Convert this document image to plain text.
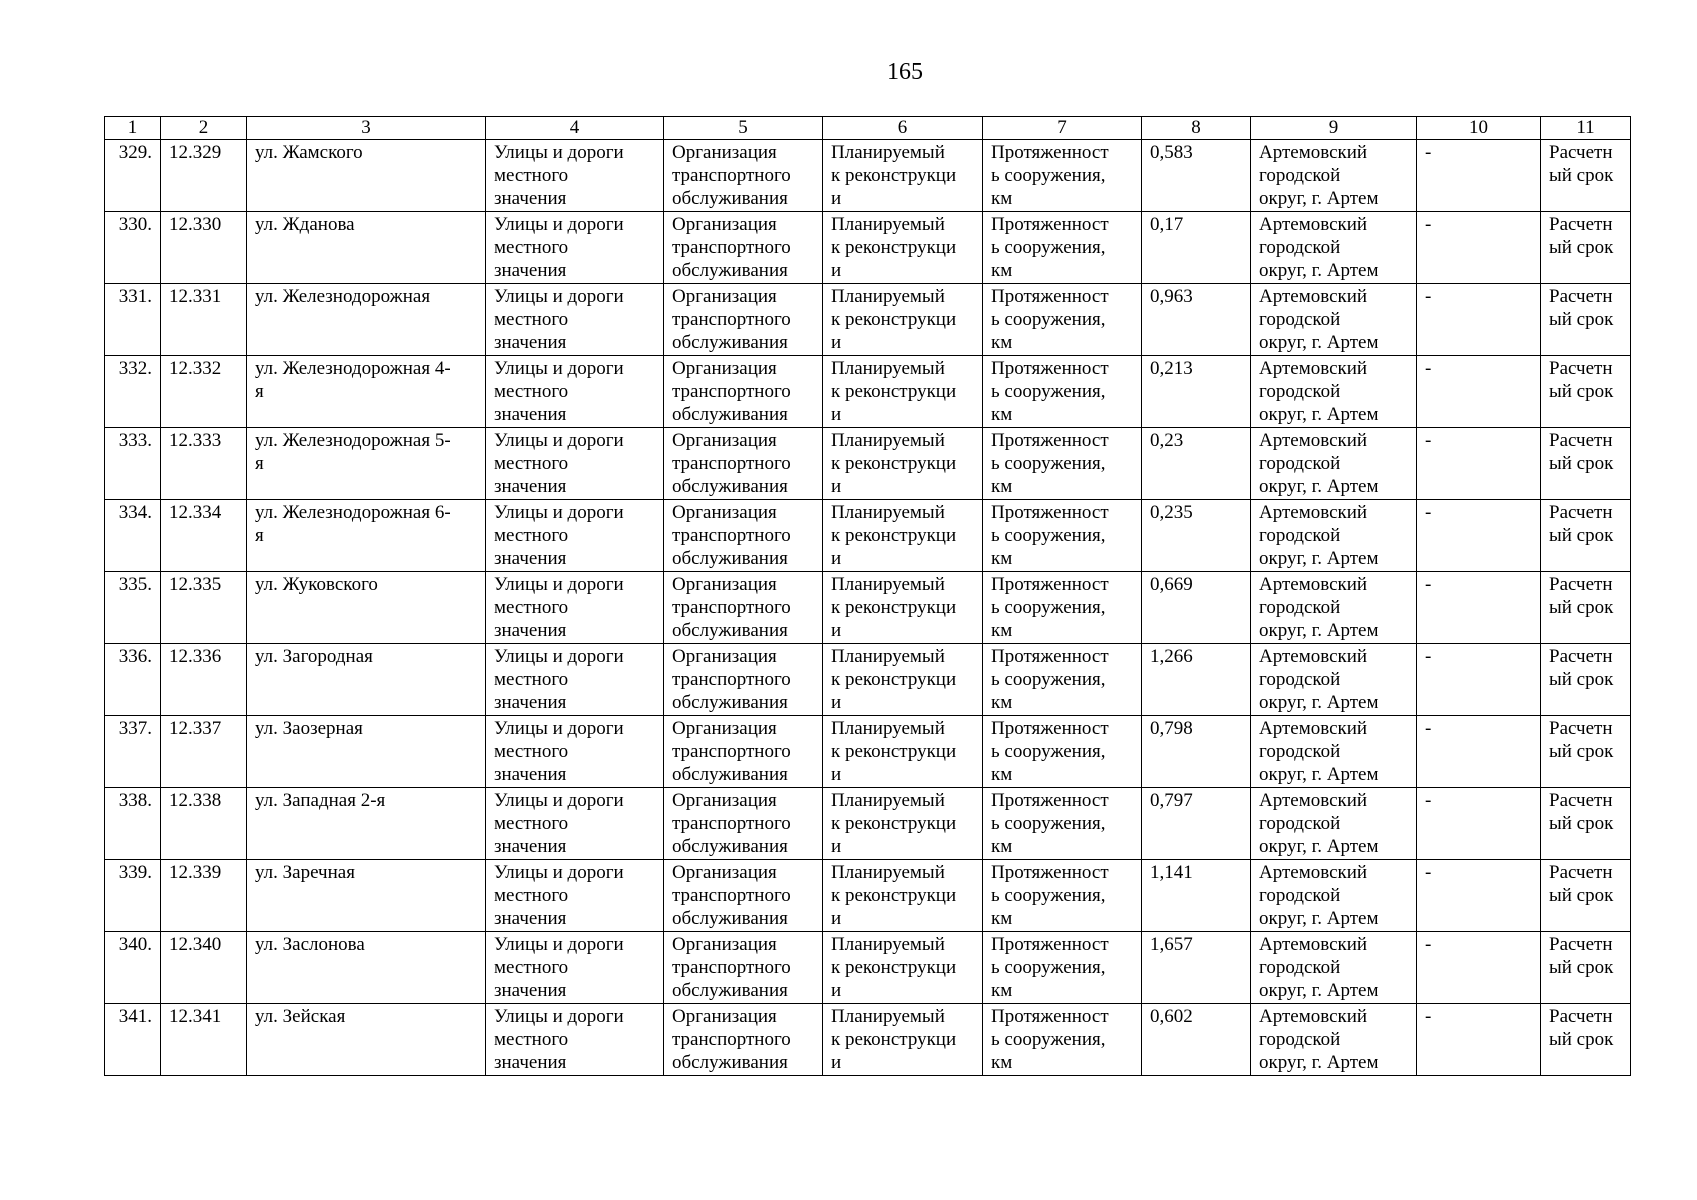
165
1	2	3	4	5	6	7	8	9	10	11
329.	12.329	ул. Жамского	Улицы и дороги
местного
значения	Организация
транспортного
обслуживания	Планируемый
к реконструкци
и	Протяженност
ь сооружения,
км	0,583	Артемовский
городской
округ, г. Артем	-	Расчетн
ый срок

330.	12.330	ул. Жданова	Улицы и дороги
местного
значения	Организация
транспортного
обслуживания	Планируемый
к реконструкци
и	Протяженност
ь сооружения,
км	0,17	Артемовский
городской
округ, г. Артем	-	Расчетн
ый срок

331.	12.331	ул. Железнодорожная	Улицы и дороги
местного
значения	Организация
транспортного
обслуживания	Планируемый
к реконструкци
и	Протяженност
ь сооружения,
км	0,963	Артемовский
городской
округ, г. Артем	-	Расчетн
ый срок

332.	12.332	ул. Железнодорожная 4-
я	Улицы и дороги
местного
значения	Организация
транспортного
обслуживания	Планируемый
к реконструкци
и	Протяженност
ь сооружения,
км	0,213	Артемовский
городской
округ, г. Артем	-	Расчетн
ый срок

333.	12.333	ул. Железнодорожная 5-
я	Улицы и дороги
местного
значения	Организация
транспортного
обслуживания	Планируемый
к реконструкци
и	Протяженност
ь сооружения,
км	0,23	Артемовский
городской
округ, г. Артем	-	Расчетн
ый срок

334.	12.334	ул. Железнодорожная 6-
я	Улицы и дороги
местного
значения	Организация
транспортного
обслуживания	Планируемый
к реконструкци
и	Протяженност
ь сооружения,
км	0,235	Артемовский
городской
округ, г. Артем	-	Расчетн
ый срок

335.	12.335	ул. Жуковского	Улицы и дороги
местного
значения	Организация
транспортного
обслуживания	Планируемый
к реконструкци
и	Протяженност
ь сооружения,
км	0,669	Артемовский
городской
округ, г. Артем	-	Расчетн
ый срок

336.	12.336	ул. Загородная	Улицы и дороги
местного
значения	Организация
транспортного
обслуживания	Планируемый
к реконструкци
и	Протяженност
ь сооружения,
км	1,266	Артемовский
городской
округ, г. Артем	-	Расчетн
ый срок

337.	12.337	ул. Заозерная	Улицы и дороги
местного
значения	Организация
транспортного
обслуживания	Планируемый
к реконструкци
и	Протяженност
ь сооружения,
км	0,798	Артемовский
городской
округ, г. Артем	-	Расчетн
ый срок

338.	12.338	ул. Западная 2-я	Улицы и дороги
местного
значения	Организация
транспортного
обслуживания	Планируемый
к реконструкци
и	Протяженност
ь сооружения,
км	0,797	Артемовский
городской
округ, г. Артем	-	Расчетн
ый срок

339.	12.339	ул. Заречная	Улицы и дороги
местного
значения	Организация
транспортного
обслуживания	Планируемый
к реконструкци
и	Протяженност
ь сооружения,
км	1,141	Артемовский
городской
округ, г. Артем	-	Расчетн
ый срок

340.	12.340	ул. Заслонова	Улицы и дороги
местного
значения	Организация
транспортного
обслуживания	Планируемый
к реконструкци
и	Протяженност
ь сооружения,
км	1,657	Артемовский
городской
округ, г. Артем	-	Расчетн
ый срок

341.	12.341	ул. Зейская	Улицы и дороги
местного
значения	Организация
транспортного
обслуживания	Планируемый
к реконструкци
и	Протяженност
ь сооружения,
км	0,602	Артемовский
городской
округ, г. Артем	-	Расчетн
ый срок
